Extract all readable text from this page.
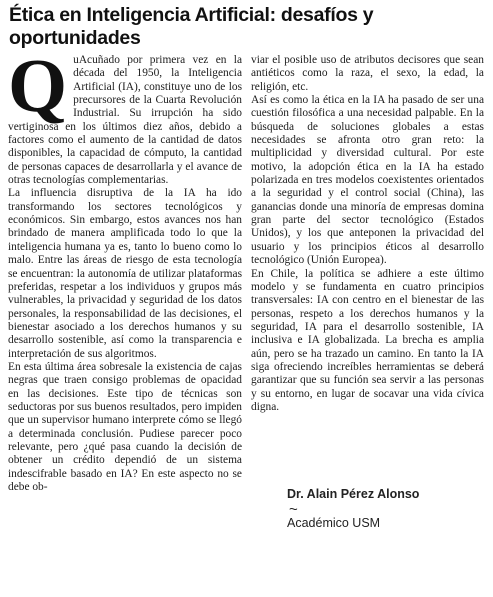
Ética en Inteligencia Artificial: desafíos y oportunidades

QuAcuñado por primera vez en la década del 1950, la Inteligencia Artificial (IA), constituye uno de los precursores de la Cuarta Revolución Industrial. Su irrupción ha sido vertiginosa en los últimos diez años, debido a factores como el aumento de la cantidad de datos disponibles, la capacidad de cómputo, la cantidad de personas capaces de desarrollarla y el avance de otras tecnologías complementarias.

La influencia disruptiva de la IA ha ido transformando los sectores tecnológicos y económicos. Sin embargo, estos avances nos han brindado de manera amplificada todo lo que la inteligencia humana ya es, tanto lo bueno como lo malo. Entre las áreas de riesgo de esta tecnología se encuentran: la autonomía de utilizar plataformas preferidas, respetar a los individuos y grupos más vulnerables, la privacidad y seguridad de los datos personales, la responsabilidad de las decisiones, el bienestar asociado a los derechos humanos y su desarrollo sostenible, así como la transparencia e interpretación de sus algoritmos.

En esta última área sobresale la existencia de cajas negras que traen consigo problemas de opacidad en las decisiones. Este tipo de técnicas son seductoras por sus buenos resultados, pero impiden que un supervisor humano interprete cómo se llegó a determinada conclusión. Pudiese parecer poco relevante, pero ¿qué pasa cuando la decisión de obtener un crédito dependió de un sistema indescifrable basado en IA? En este aspecto no se debe ob-

viar el posible uso de atributos decisores que sean antiéticos como la raza, el sexo, la edad, la religión, etc.

Así es como la ética en la IA ha pasado de ser una cuestión filosófica a una necesidad palpable. En la búsqueda de soluciones globales a estas necesidades se afronta otro gran reto: la multiplicidad y diversidad cultural. Por este motivo, la adopción ética en la IA ha estado polarizada en tres modelos coexistentes orientados a la seguridad y el control social (China), las ganancias donde una minoría de empresas domina gran parte del sector tecnológico (Estados Unidos), y los que anteponen la privacidad del usuario y los principios éticos al desarrollo tecnológico (Unión Europea).

En Chile, la política se adhiere a este último modelo y se fundamenta en cuatro principios transversales: IA con centro en el bienestar de las personas, respeto a los derechos humanos y la seguridad, IA para el desarrollo sostenible, IA inclusiva e IA globalizada. La brecha es amplia aún, pero se ha trazado un camino. En tanto la IA siga ofreciendo increíbles herramientas se deberá garantizar que su función sea servir a las personas y su entorno, en lugar de socavar una vida cívica digna.

Dr. Alain Pérez Alonso
~
Académico USM
